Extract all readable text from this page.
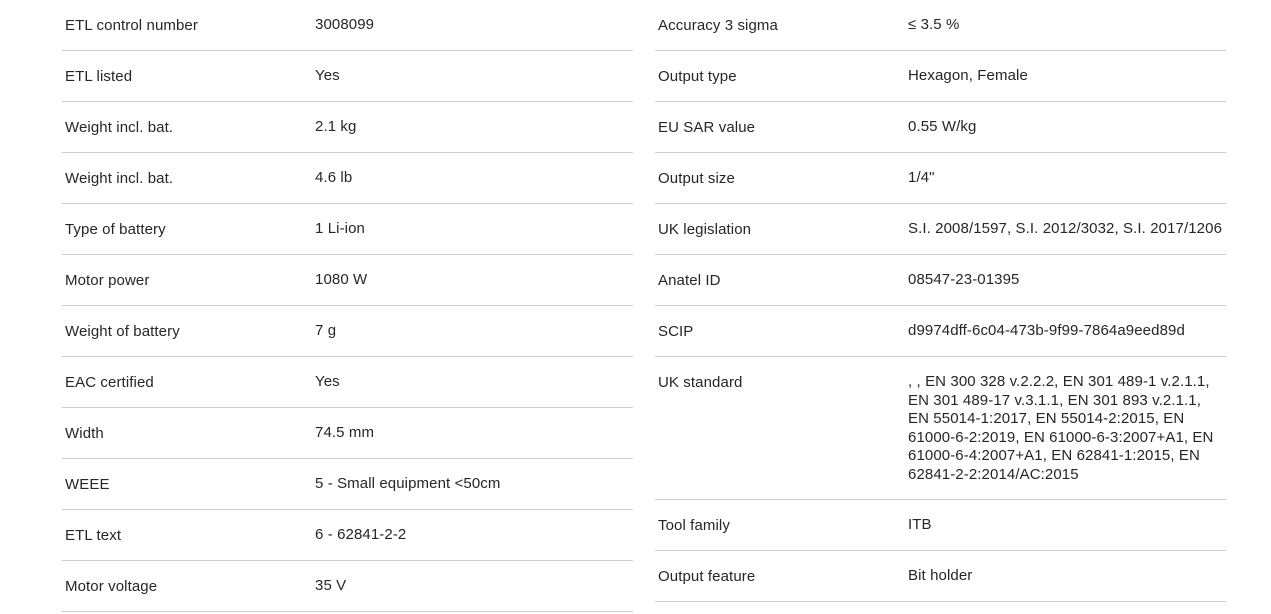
ETL control number	3008099
ETL listed	Yes
Weight incl. bat.	2.1 kg
Weight incl. bat.	4.6 lb
Type of battery	1 Li-ion
Motor power	1080 W
Weight of battery	7 g
EAC certified	Yes
Width	74.5 mm
WEEE	5 - Small equipment <50cm
ETL text	6 - 62841-2-2
Motor voltage	35 V
Accuracy 3 sigma	≤ 3.5 %
Output type	Hexagon, Female
EU SAR value	0.55 W/kg
Output size	1/4"
UK legislation	S.I. 2008/1597, S.I. 2012/3032, S.I. 2017/1206
Anatel ID	08547-23-01395
SCIP	d9974dff-6c04-473b-9f99-7864a9eed89d
UK standard	, , EN 300 328 v.2.2.2, EN 301 489-1 v.2.1.1, EN 301 489-17 v.3.1.1, EN 301 893 v.2.1.1, EN 55014-1:2017, EN 55014-2:2015, EN 61000-6-2:2019, EN 61000-6-3:2007+A1, EN 61000-6-4:2007+A1, EN 62841-1:2015, EN 62841-2-2:2014/AC:2015
Tool family	ITB
Output feature	Bit holder
